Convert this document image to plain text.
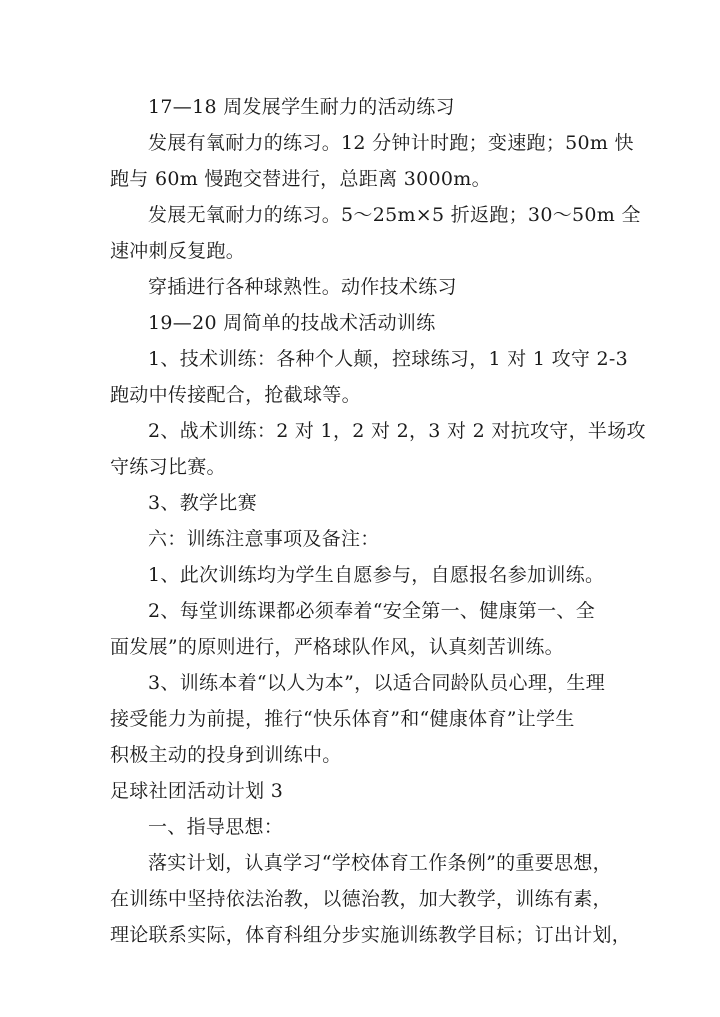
17—18 周发展学生耐力的活动练习
发展有氧耐力的练习。12 分钟计时跑；变速跑；50m 快
跑与 60m 慢跑交替进行，总距离 3000m。
发展无氧耐力的练习。5～25m×5 折返跑；30～50m 全
速冲刺反复跑。
穿插进行各种球熟性。动作技术练习
19—20 周简单的技战术活动训练
1、技术训练：各种个人颠，控球练习，1 对 1 攻守 2-3
跑动中传接配合，抢截球等。
2、战术训练：2 对 1，2 对 2，3 对 2 对抗攻守，半场攻
守练习比赛。
3、教学比赛
六：训练注意事项及备注：
1、此次训练均为学生自愿参与，自愿报名参加训练。
2、每堂训练课都必须奉着“安全第一、健康第一、全
面发展”的原则进行，严格球队作风，认真刻苦训练。
3、训练本着“以人为本”，以适合同龄队员心理，生理
接受能力为前提，推行“快乐体育”和“健康体育”让学生
积极主动的投身到训练中。
足球社团活动计划 3
一、指导思想：
落实计划，认真学习“学校体育工作条例”的重要思想，
在训练中坚持依法治教，以德治教，加大教学，训练有素，
理论联系实际，体育科组分步实施训练教学目标；订出计划，
